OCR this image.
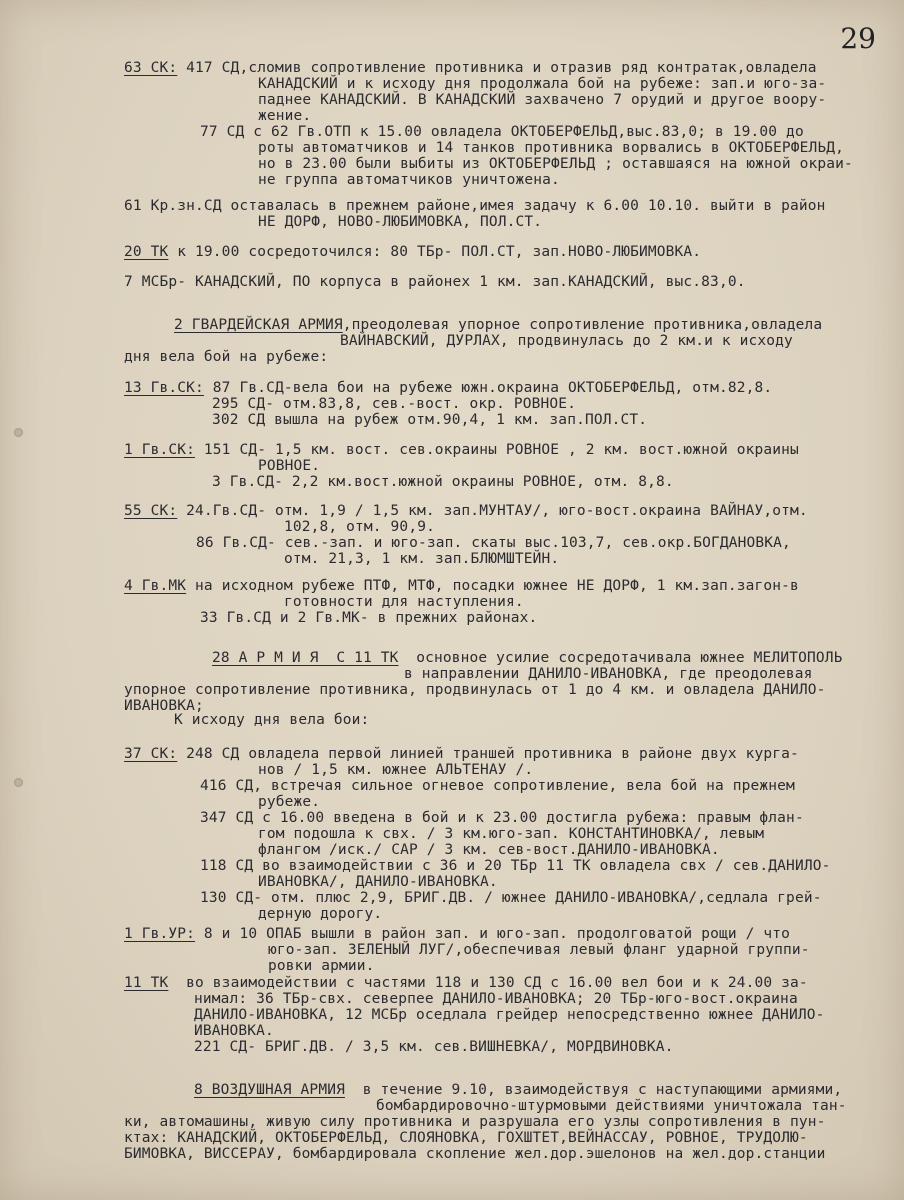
29
63 СК: 417 СД,сломив сопротивление противника и отразив ряд контратак,овладела
КАНАДСКИЙ и к исходу дня продолжала бой на рубеже: зап.и юго-за-
паднее КАНАДСКИЙ. В КАНАДСКИЙ захвачено 7 орудий и другое воору-
жение.
77 СД с 62 Гв.ОТП к 15.00 овладела ОКТОБЕРФЕЛЬД,выс.83,0; в 19.00 до
роты автоматчиков и 14 танков противника ворвались в ОКТОБЕРФЕЛЬД,
но в 23.00 были выбиты из ОКТОБЕРФЕЛЬД ; оставшаяся на южной окраи-
не группа автоматчиков уничтожена.
61 Кр.зн.СД оставалась в прежнем районе,имея задачу к 6.00 10.10. выйти в район
НЕ ДОРФ, НОВО-ЛЮБИМОВКА, ПОЛ.СТ.
20 ТК к 19.00 сосредоточился: 80 ТБр- ПОЛ.СТ, зап.НОВО-ЛЮБИМОВКА.
7 МСБр- КАНАДСКИЙ, ПО корпуса в районех 1 км. зап.КАНАДСКИЙ, выс.83,0.
2 ГВАРДЕЙСКАЯ АРМИЯ,преодолевая упорное сопротивление противника,овладела
ВАЙНАВСКИЙ, ДУРЛАХ, продвинулась до 2 км.и к исходу
дня вела бой на рубеже:
13 Гв.СК: 87 Гв.СД-вела бои на рубеже южн.окраина ОКТОБЕРФЕЛЬД, отм.82,8.
295 СД- отм.83,8, сев.-вост. окр. РОВНОЕ.
302 СД вышла на рубеж отм.90,4, 1 км. зап.ПОЛ.СТ.
1 Гв.СК: 151 СД- 1,5 км. вост. сев.окраины РОВНОЕ , 2 км. вост.южной окраины
РОВНОЕ.
3 Гв.СД- 2,2 км.вост.южной окраины РОВНОЕ, отм. 8,8.
55 СК: 24.Гв.СД- отм. 1,9 / 1,5 км. зап.МУНТАУ/, юго-вост.окраина ВАЙНАУ,отм.
102,8, отм. 90,9.
86 Гв.СД- сев.-зап. и юго-зап. скаты выс.103,7, сев.окр.БОГДАНОВКА,
отм. 21,3, 1 км. зап.БЛЮМШТЕЙН.
4 Гв.МК на исходном рубеже ПТФ, МТФ, посадки южнее НЕ ДОРФ, 1 км.зап.загон-в
готовности для наступления.
33 Гв.СД и 2 Гв.МК- в прежних районах.
28 А Р М И Я  С 11 ТК  основное усилие сосредотачивала южнее МЕЛИТОПОЛЬ
в направлении ДАНИЛО-ИВАНОВКА, где преодолевая
упорное сопротивление противника, продвинулась от 1 до 4 км. и овладела ДАНИЛО-
ИВАНОВКА;
К исходу дня вела бои:
37 СК: 248 СД овладела первой линией траншей противника в районе двух курга-
нов / 1,5 км. южнее АЛЬТЕНАУ /.
416 СД, встречая сильное огневое сопротивление, вела бой на прежнем
рубеже.
347 СД с 16.00 введена в бой и к 23.00 достигла рубежа: правым флан-
гом подошла к свх. / 3 км.юго-зап. КОНСТАНТИНОВКА/, левым
флангом /иск./ САР / 3 км. сев-вост.ДАНИЛО-ИВАНОВКА.
118 СД во взаимодействии с 36 и 20 ТБр 11 ТК овладела свх / сев.ДАНИЛО-
ИВАНОВКА/, ДАНИЛО-ИВАНОВКА.
130 СД- отм. плюс 2,9, БРИГ.ДВ. / южнее ДАНИЛО-ИВАНОВКА/,седлала грей-
дерную дорогу.
1 Гв.УР: 8 и 10 ОПАБ вышли в район зап. и юго-зап. продолговатой рощи / что
юго-зап. ЗЕЛЕНЫЙ ЛУГ/,обеспечивая левый фланг ударной группи-
ровки армии.
11 ТК  во взаимодействии с частями 118 и 130 СД с 16.00 вел бои и к 24.00 за-
нимал: 36 ТБр-свх. северпее ДАНИЛО-ИВАНОВКА; 20 ТБр-юго-вост.окраина
ДАНИЛО-ИВАНОВКА, 12 МСБр оседлала грейдер непосредственно южнее ДАНИЛО-
ИВАНОВКА.
221 СД- БРИГ.ДВ. / 3,5 км. сев.ВИШНЕВКА/, МОРДВИНОВКА.
8 ВОЗДУШНАЯ АРМИЯ  в течение 9.10, взаимодействуя с наступающими армиями,
бомбардировочно-штурмовыми действиями уничтожала тан-
ки, автомашины, живую силу противника и разрушала его узлы сопротивления в пун-
ктах: КАНАДСКИЙ, ОКТОБЕРФЕЛЬД, СЛОЯНОВКА, ГОХШТЕТ,ВЕЙНАССАУ, РОВНОЕ, ТРУДОЛЮ-
БИМОВКА, ВИССЕРАУ, бомбардировала скопление жел.дор.эшелонов на жел.дор.станции
